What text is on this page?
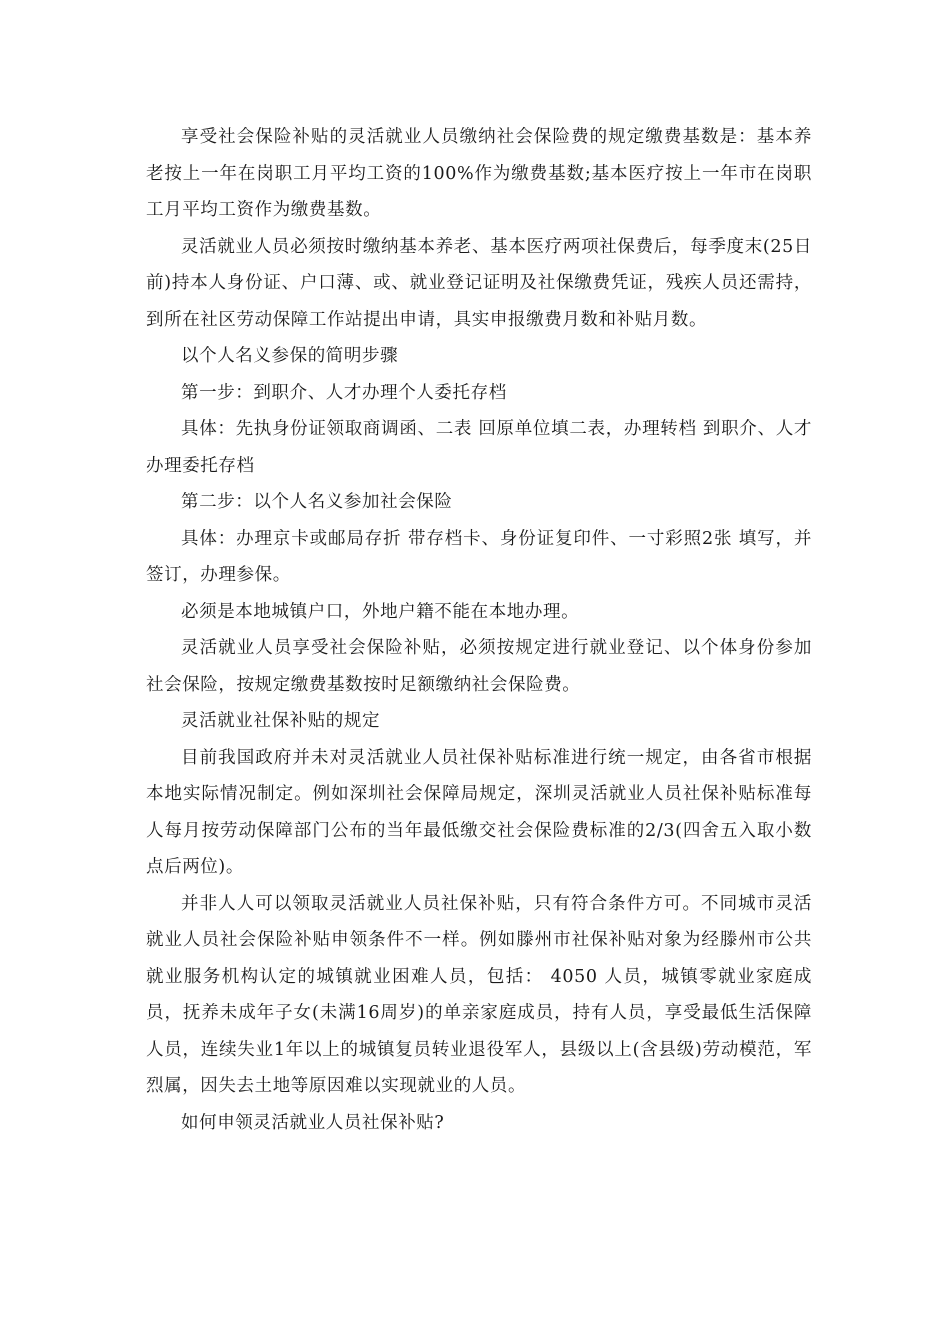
享受社会保险补贴的灵活就业人员缴纳社会保险费的规定缴费基数是：基本养老按上一年在岗职工月平均工资的100%作为缴费基数;基本医疗按上一年市在岗职工月平均工资作为缴费基数。

灵活就业人员必须按时缴纳基本养老、基本医疗两项社保费后，每季度末(25日前)持本人身份证、户口薄、或、就业登记证明及社保缴费凭证，残疾人员还需持，到所在社区劳动保障工作站提出申请，具实申报缴费月数和补贴月数。

以个人名义参保的简明步骤

第一步：到职介、人才办理个人委托存档

具体：先执身份证领取商调函、二表 回原单位填二表，办理转档 到职介、人才办理委托存档

第二步：以个人名义参加社会保险

具体：办理京卡或邮局存折 带存档卡、身份证复印件、一寸彩照2张 填写，并签订，办理参保。

必须是本地城镇户口，外地户籍不能在本地办理。

灵活就业人员享受社会保险补贴，必须按规定进行就业登记、以个体身份参加社会保险，按规定缴费基数按时足额缴纳社会保险费。

灵活就业社保补贴的规定

目前我国政府并未对灵活就业人员社保补贴标准进行统一规定，由各省市根据本地实际情况制定。例如深圳社会保障局规定，深圳灵活就业人员社保补贴标准每人每月按劳动保障部门公布的当年最低缴交社会保险费标准的2/3(四舍五入取小数点后两位)。

并非人人可以领取灵活就业人员社保补贴，只有符合条件方可。不同城市灵活就业人员社会保险补贴申领条件不一样。例如滕州市社保补贴对象为经滕州市公共就业服务机构认定的城镇就业困难人员，包括： 4050 人员，城镇零就业家庭成员，抚养未成年子女(未满16周岁)的单亲家庭成员，持有人员，享受最低生活保障人员，连续失业1年以上的城镇复员转业退役军人，县级以上(含县级)劳动模范，军烈属，因失去土地等原因难以实现就业的人员。

如何申领灵活就业人员社保补贴?
